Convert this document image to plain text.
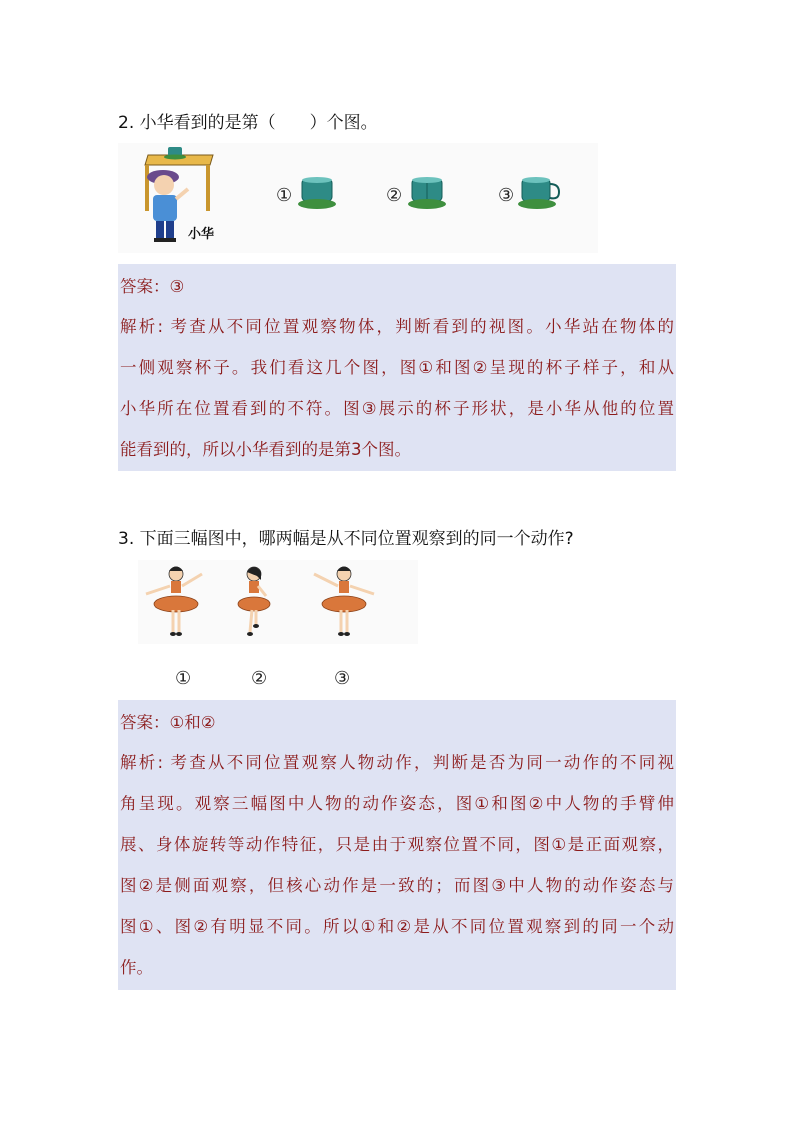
2. 小华看到的是第（　　）个图。
小华
①	②	③
答案：③
解析: 考查从不同位置观察物体，判断看到的视图。小华站在物体的
一侧观察杯子。我们看这几个图，图①和图②呈现的杯子样子，和从
小华所在位置看到的不符。图③展示的杯子形状，是小华从他的位置
能看到的，所以小华看到的是第3个图。
3. 下面三幅图中，哪两幅是从不同位置观察到的同一个动作?
①	②	③
答案：①和②
解析: 考查从不同位置观察人物动作，判断是否为同一动作的不同视
角呈现。观察三幅图中人物的动作姿态，图①和图②中人物的手臂伸
展、身体旋转等动作特征，只是由于观察位置不同，图①是正面观察，
图②是侧面观察，但核心动作是一致的；而图③中人物的动作姿态与
图①、图②有明显不同。所以①和②是从不同位置观察到的同一个动
作。
